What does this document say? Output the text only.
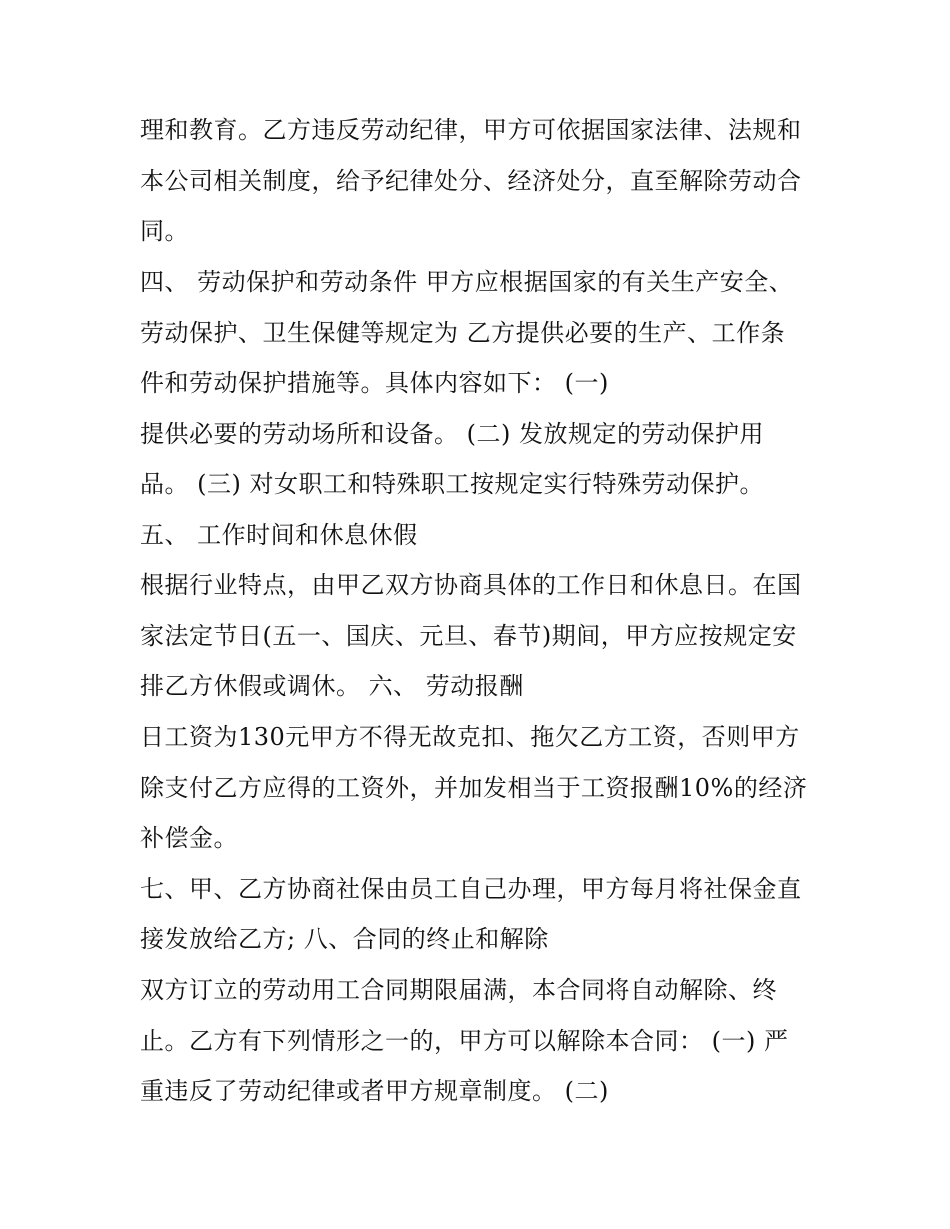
理和教育。乙方违反劳动纪律，甲方可依据国家法律、法规和
本公司相关制度，给予纪律处分、经济处分，直至解除劳动合
同。
四、 劳动保护和劳动条件 甲方应根据国家的有关生产安全、
劳动保护、卫生保健等规定为 乙方提供必要的生产、工作条
件和劳动保护措施等。具体内容如下： (一)
提供必要的劳动场所和设备。 (二) 发放规定的劳动保护用
品。 (三) 对女职工和特殊职工按规定实行特殊劳动保护。
五、 工作时间和休息休假
根据行业特点，由甲乙双方协商具体的工作日和休息日。在国
家法定节日(五一、国庆、元旦、春节)期间，甲方应按规定安
排乙方休假或调休。 六、 劳动报酬
日工资为130元甲方不得无故克扣、拖欠乙方工资，否则甲方
除支付乙方应得的工资外，并加发相当于工资报酬10%的经济
补偿金。
七、甲、乙方协商社保由员工自己办理，甲方每月将社保金直
接发放给乙方; 八、合同的终止和解除
双方订立的劳动用工合同期限届满，本合同将自动解除、终
止。乙方有下列情形之一的，甲方可以解除本合同： (一) 严
重违反了劳动纪律或者甲方规章制度。 (二)
